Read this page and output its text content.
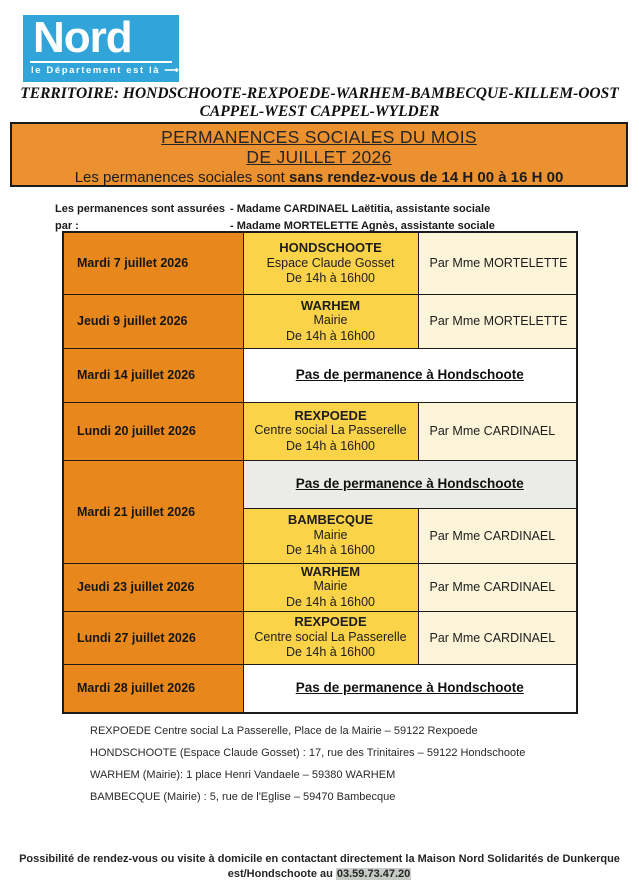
Nord
le Département est là ⟶
TERRITOIRE: HONDSCHOOTE-REXPOEDE-WARHEM-BAMBECQUE-KILLEM-OOST
CAPPEL-WEST CAPPEL-WYLDER
PERMANENCES SOCIALES DU MOIS
DE JUILLET 2026
Les permanences sociales sont sans rendez-vous de 14 H 00 à 16 H 00
Les permanences sont assurées par :
- Madame CARDINAEL Laëtitia, assistante sociale
- Madame MORTELETTE Agnès, assistante sociale
Mardi 7 juillet 2026	HONDSCHOOTE
Espace Claude Gosset
De 14h à 16h00	Par Mme MORTELETTE
Jeudi 9 juillet 2026	WARHEM
Mairie
De 14h à 16h00	Par Mme MORTELETTE
Mardi 14 juillet 2026	Pas de permanence à Hondschoote	
Lundi 20 juillet 2026	REXPOEDE
Centre social La Passerelle
De 14h à 16h00	Par Mme CARDINAEL
Mardi 21 juillet 2026	Pas de permanence à Hondschoote	

	BAMBECQUE
Mairie
De 14h à 16h00	Par Mme CARDINAEL
Jeudi 23 juillet 2026	WARHEM
Mairie
De 14h à 16h00	Par Mme CARDINAEL
Lundi 27 juillet 2026	REXPOEDE
Centre social La Passerelle
De 14h à 16h00	Par Mme CARDINAEL
Mardi 28 juillet 2026	Pas de permanence à Hondschoote	
REXPOEDE Centre social La Passerelle, Place de la Mairie – 59122 Rexpoede
HONDSCHOOTE (Espace Claude Gosset) : 17, rue des Trinitaires – 59122 Hondschoote
WARHEM (Mairie): 1 place Henri Vandaele – 59380 WARHEM
BAMBECQUE (Mairie) : 5, rue de l'Eglise – 59470 Bambecque
Possibilité de rendez-vous ou visite à domicile en contactant directement la Maison Nord Solidarités de Dunkerque
est/Hondschoote au 03.59.73.47.20
